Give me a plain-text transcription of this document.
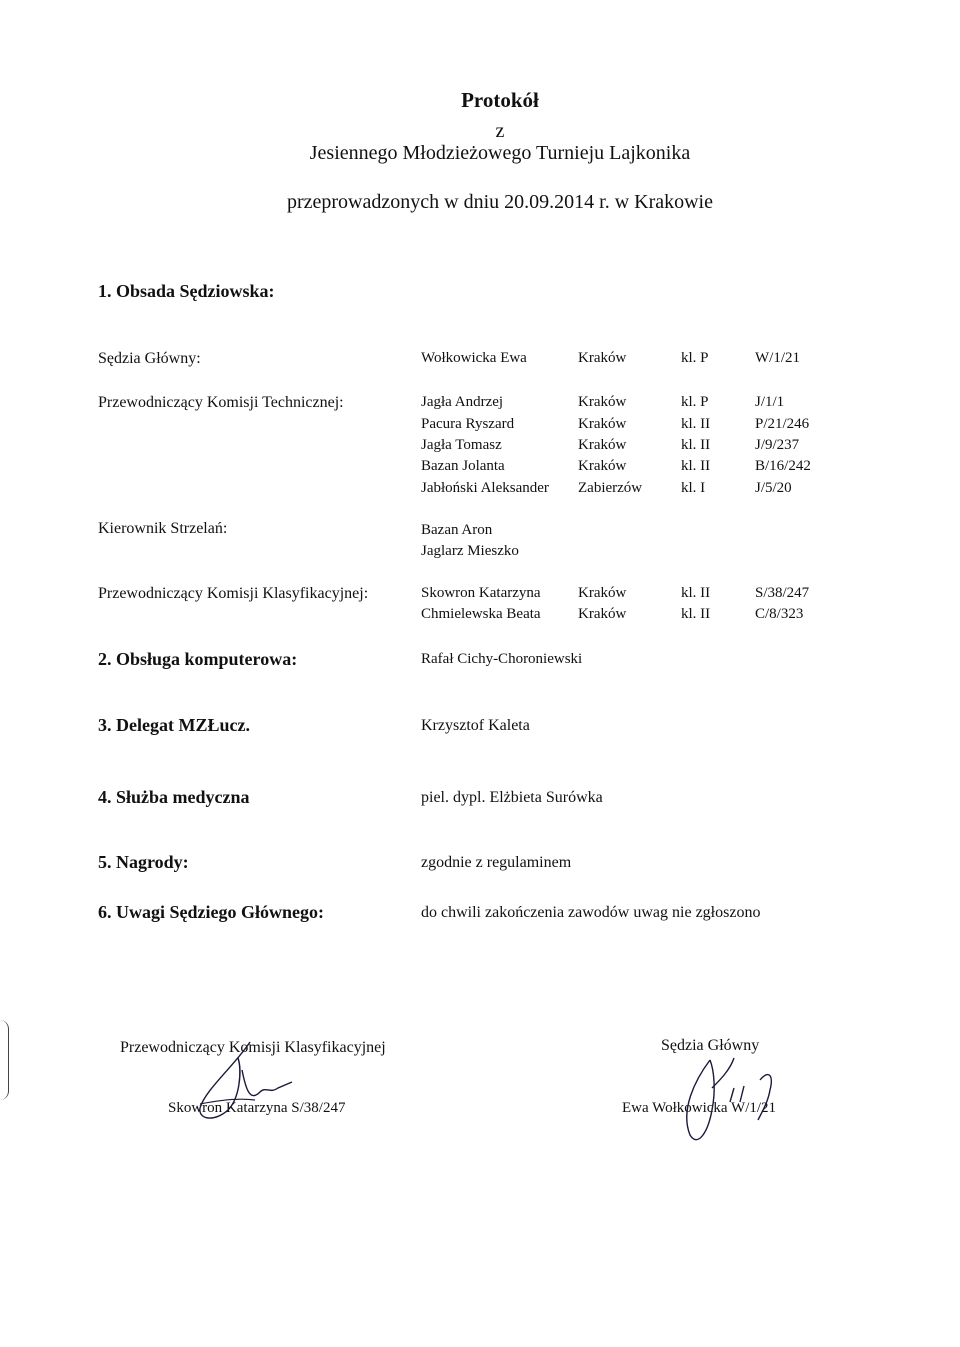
Protokół
z
Jesiennego Młodzieżowego Turnieju Lajkonika
przeprowadzonych w dniu 20.09.2014 r. w Krakowie
1. Obsada Sędziowska:
Sędzia Główny:	Wołkowicka Ewa	Kraków	kl. P	W/1/21
Przewodniczący Komisji Technicznej:	Jagła Andrzej	Kraków	kl. P	J/1/1
Pacura Ryszard	Kraków	kl. II	P/21/246
Jagła Tomasz	Kraków	kl. II	J/9/237
Bazan Jolanta	Kraków	kl. II	B/16/242
Jabłoński Aleksander Zabierzów	kl. I	J/5/20
Kierownik Strzelań:	Bazan Aron
Jaglarz Mieszko
Przewodniczący Komisji Klasyfikacyjnej:	Skowron Katarzyna Kraków	kl. II	S/38/247
Chmielewska Beata Kraków	kl. II	C/8/323
2. Obsługa komputerowa:	Rafał Cichy-Choroniewski
3. Delegat MZŁucz.	Krzysztof Kaleta
4. Służba medyczna	piel. dypl. Elżbieta Surówka
5. Nagrody:	zgodnie z regulaminem
6. Uwagi Sędziego Głównego:	do chwili zakończenia zawodów uwag nie zgłoszono
Przewodniczący Komisji Klasyfikacyjnej
Skowron Katarzyna S/38/247
Sędzia Główny
Ewa Wołkowicka W/1/21
